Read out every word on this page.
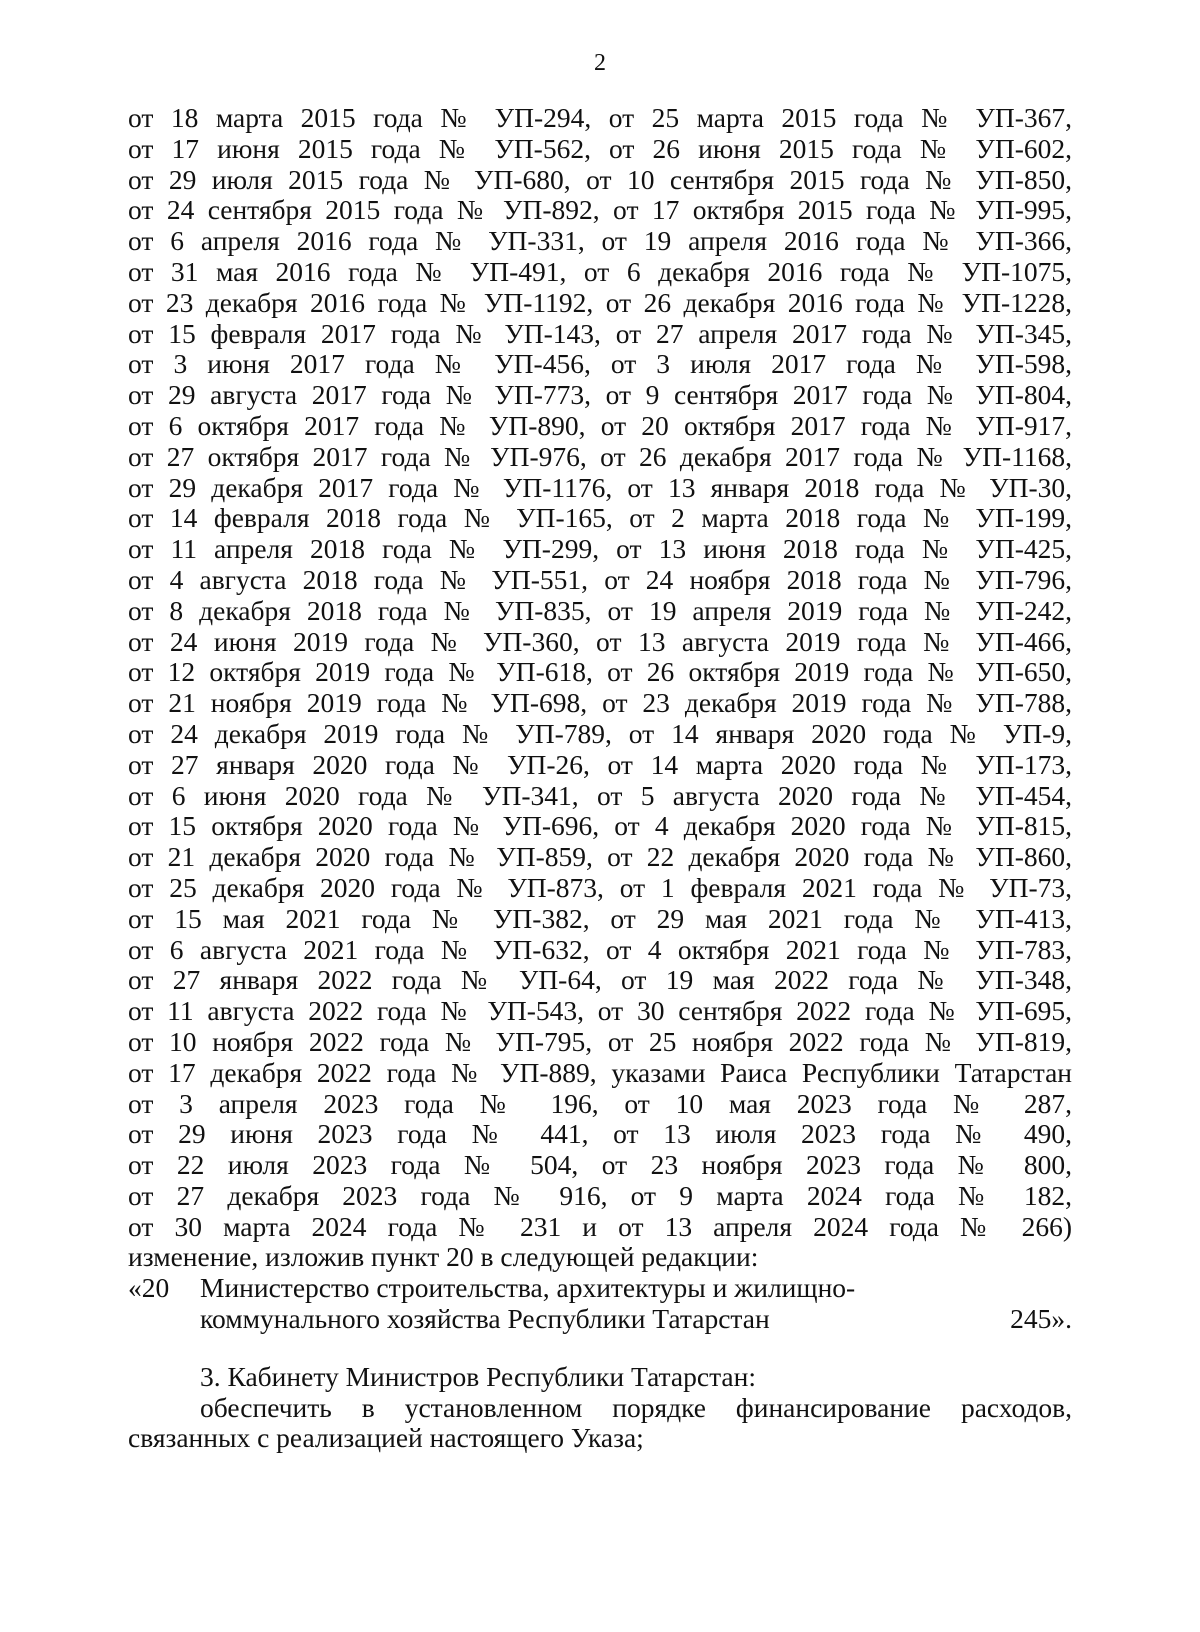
2
от 18 марта 2015 года № УП-294, от 25 марта 2015 года № УП-367,
от 17 июня 2015 года № УП-562, от 26 июня 2015 года № УП-602,
от 29 июля 2015 года № УП-680, от 10 сентября 2015 года № УП-850,
от 24 сентября 2015 года № УП-892, от 17 октября 2015 года № УП-995,
от 6 апреля 2016 года № УП-331, от 19 апреля 2016 года № УП-366,
от 31 мая 2016 года № УП-491, от 6 декабря 2016 года № УП-1075,
от 23 декабря 2016 года № УП-1192, от 26 декабря 2016 года № УП-1228,
от 15 февраля 2017 года № УП-143, от 27 апреля 2017 года № УП-345,
от 3 июня 2017 года № УП-456, от 3 июля 2017 года № УП-598,
от 29 августа 2017 года № УП-773, от 9 сентября 2017 года № УП-804,
от 6 октября 2017 года № УП-890, от 20 октября 2017 года № УП-917,
от 27 октября 2017 года № УП-976, от 26 декабря 2017 года № УП-1168,
от 29 декабря 2017 года № УП-1176, от 13 января 2018 года № УП-30,
от 14 февраля 2018 года № УП-165, от 2 марта 2018 года № УП-199,
от 11 апреля 2018 года № УП-299, от 13 июня 2018 года № УП-425,
от 4 августа 2018 года № УП-551, от 24 ноября 2018 года № УП-796,
от 8 декабря 2018 года № УП-835, от 19 апреля 2019 года № УП-242,
от 24 июня 2019 года № УП-360, от 13 августа 2019 года № УП-466,
от 12 октября 2019 года № УП-618, от 26 октября 2019 года № УП-650,
от 21 ноября 2019 года № УП-698, от 23 декабря 2019 года № УП-788,
от 24 декабря 2019 года № УП-789, от 14 января 2020 года № УП-9,
от 27 января 2020 года № УП-26, от 14 марта 2020 года № УП-173,
от 6 июня 2020 года № УП-341, от 5 августа 2020 года № УП-454,
от 15 октября 2020 года № УП-696, от 4 декабря 2020 года № УП-815,
от 21 декабря 2020 года № УП-859, от 22 декабря 2020 года № УП-860,
от 25 декабря 2020 года № УП-873, от 1 февраля 2021 года № УП-73,
от 15 мая 2021 года № УП-382, от 29 мая 2021 года № УП-413,
от 6 августа 2021 года № УП-632, от 4 октября 2021 года № УП-783,
от 27 января 2022 года № УП-64, от 19 мая 2022 года № УП-348,
от 11 августа 2022 года № УП-543, от 30 сентября 2022 года № УП-695,
от 10 ноября 2022 года № УП-795, от 25 ноября 2022 года № УП-819,
от 17 декабря 2022 года № УП-889, указами Раиса Республики Татарстан
от 3 апреля 2023 года № 196, от 10 мая 2023 года № 287,
от 29 июня 2023 года № 441, от 13 июля 2023 года № 490,
от 22 июля 2023 года № 504, от 23 ноября 2023 года № 800,
от 27 декабря 2023 года № 916, от 9 марта 2024 года № 182,
от 30 марта 2024 года № 231 и от 13 апреля 2024 года № 266)
изменение, изложив пункт 20 в следующей редакции:
«20 Министерство строительства, архитектуры и жилищно-
коммунального хозяйства Республики Татарстан	245».
3. Кабинету Министров Республики Татарстан:
обеспечить в установленном порядке финансирование расходов,
связанных с реализацией настоящего Указа;
